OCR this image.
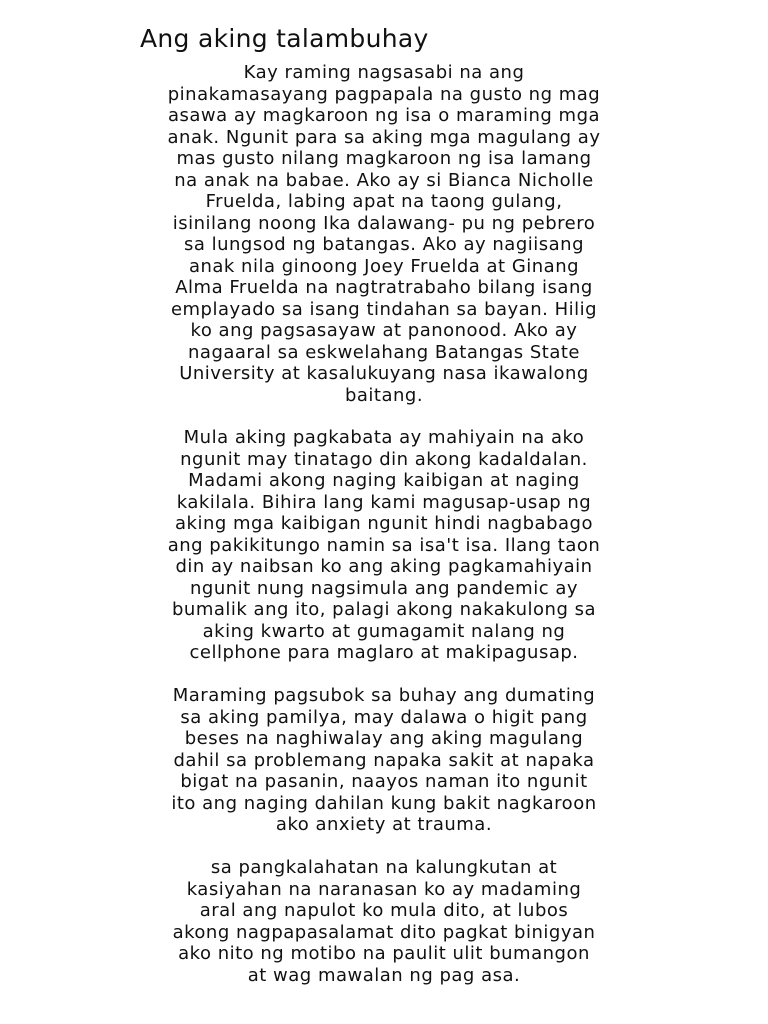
Ang aking talambuhay

Kay raming nagsasabi na ang
pinakamasayang pagpapala na gusto ng mag
asawa ay magkaroon ng isa o maraming mga
anak. Ngunit para sa aking mga magulang ay
mas gusto nilang magkaroon ng isa lamang
na anak na babae. Ako ay si Bianca Nicholle
Fruelda, labing apat na taong gulang,
isinilang noong Ika dalawang- pu ng pebrero
sa lungsod ng batangas. Ako ay nagiisang
anak nila ginoong Joey Fruelda at Ginang
Alma Fruelda na nagtratrabaho bilang isang
emplayado sa isang tindahan sa bayan. Hilig
ko ang pagsasayaw at panonood. Ako ay
nagaaral sa eskwelahang Batangas State
University at kasalukuyang nasa ikawalong
baitang.

Mula aking pagkabata ay mahiyain na ako
ngunit may tinatago din akong kadaldalan.
Madami akong naging kaibigan at naging
kakilala. Bihira lang kami magusap-usap ng
aking mga kaibigan ngunit hindi nagbabago
ang pakikitungo namin sa isa't isa. Ilang taon
din ay naibsan ko ang aking pagkamahiyain
ngunit nung nagsimula ang pandemic ay
bumalik ang ito, palagi akong nakakulong sa
aking kwarto at gumagamit nalang ng
cellphone para maglaro at makipagusap.

Maraming pagsubok sa buhay ang dumating
sa aking pamilya, may dalawa o higit pang
beses na naghiwalay ang aking magulang
dahil sa problemang napaka sakit at napaka
bigat na pasanin, naayos naman ito ngunit
ito ang naging dahilan kung bakit nagkaroon
ako anxiety at trauma.

sa pangkalahatan na kalungkutan at
kasiyahan na naranasan ko ay madaming
aral ang napulot ko mula dito, at lubos
akong nagpapasalamat dito pagkat binigyan
ako nito ng motibo na paulit ulit bumangon
at wag mawalan ng pag asa.
